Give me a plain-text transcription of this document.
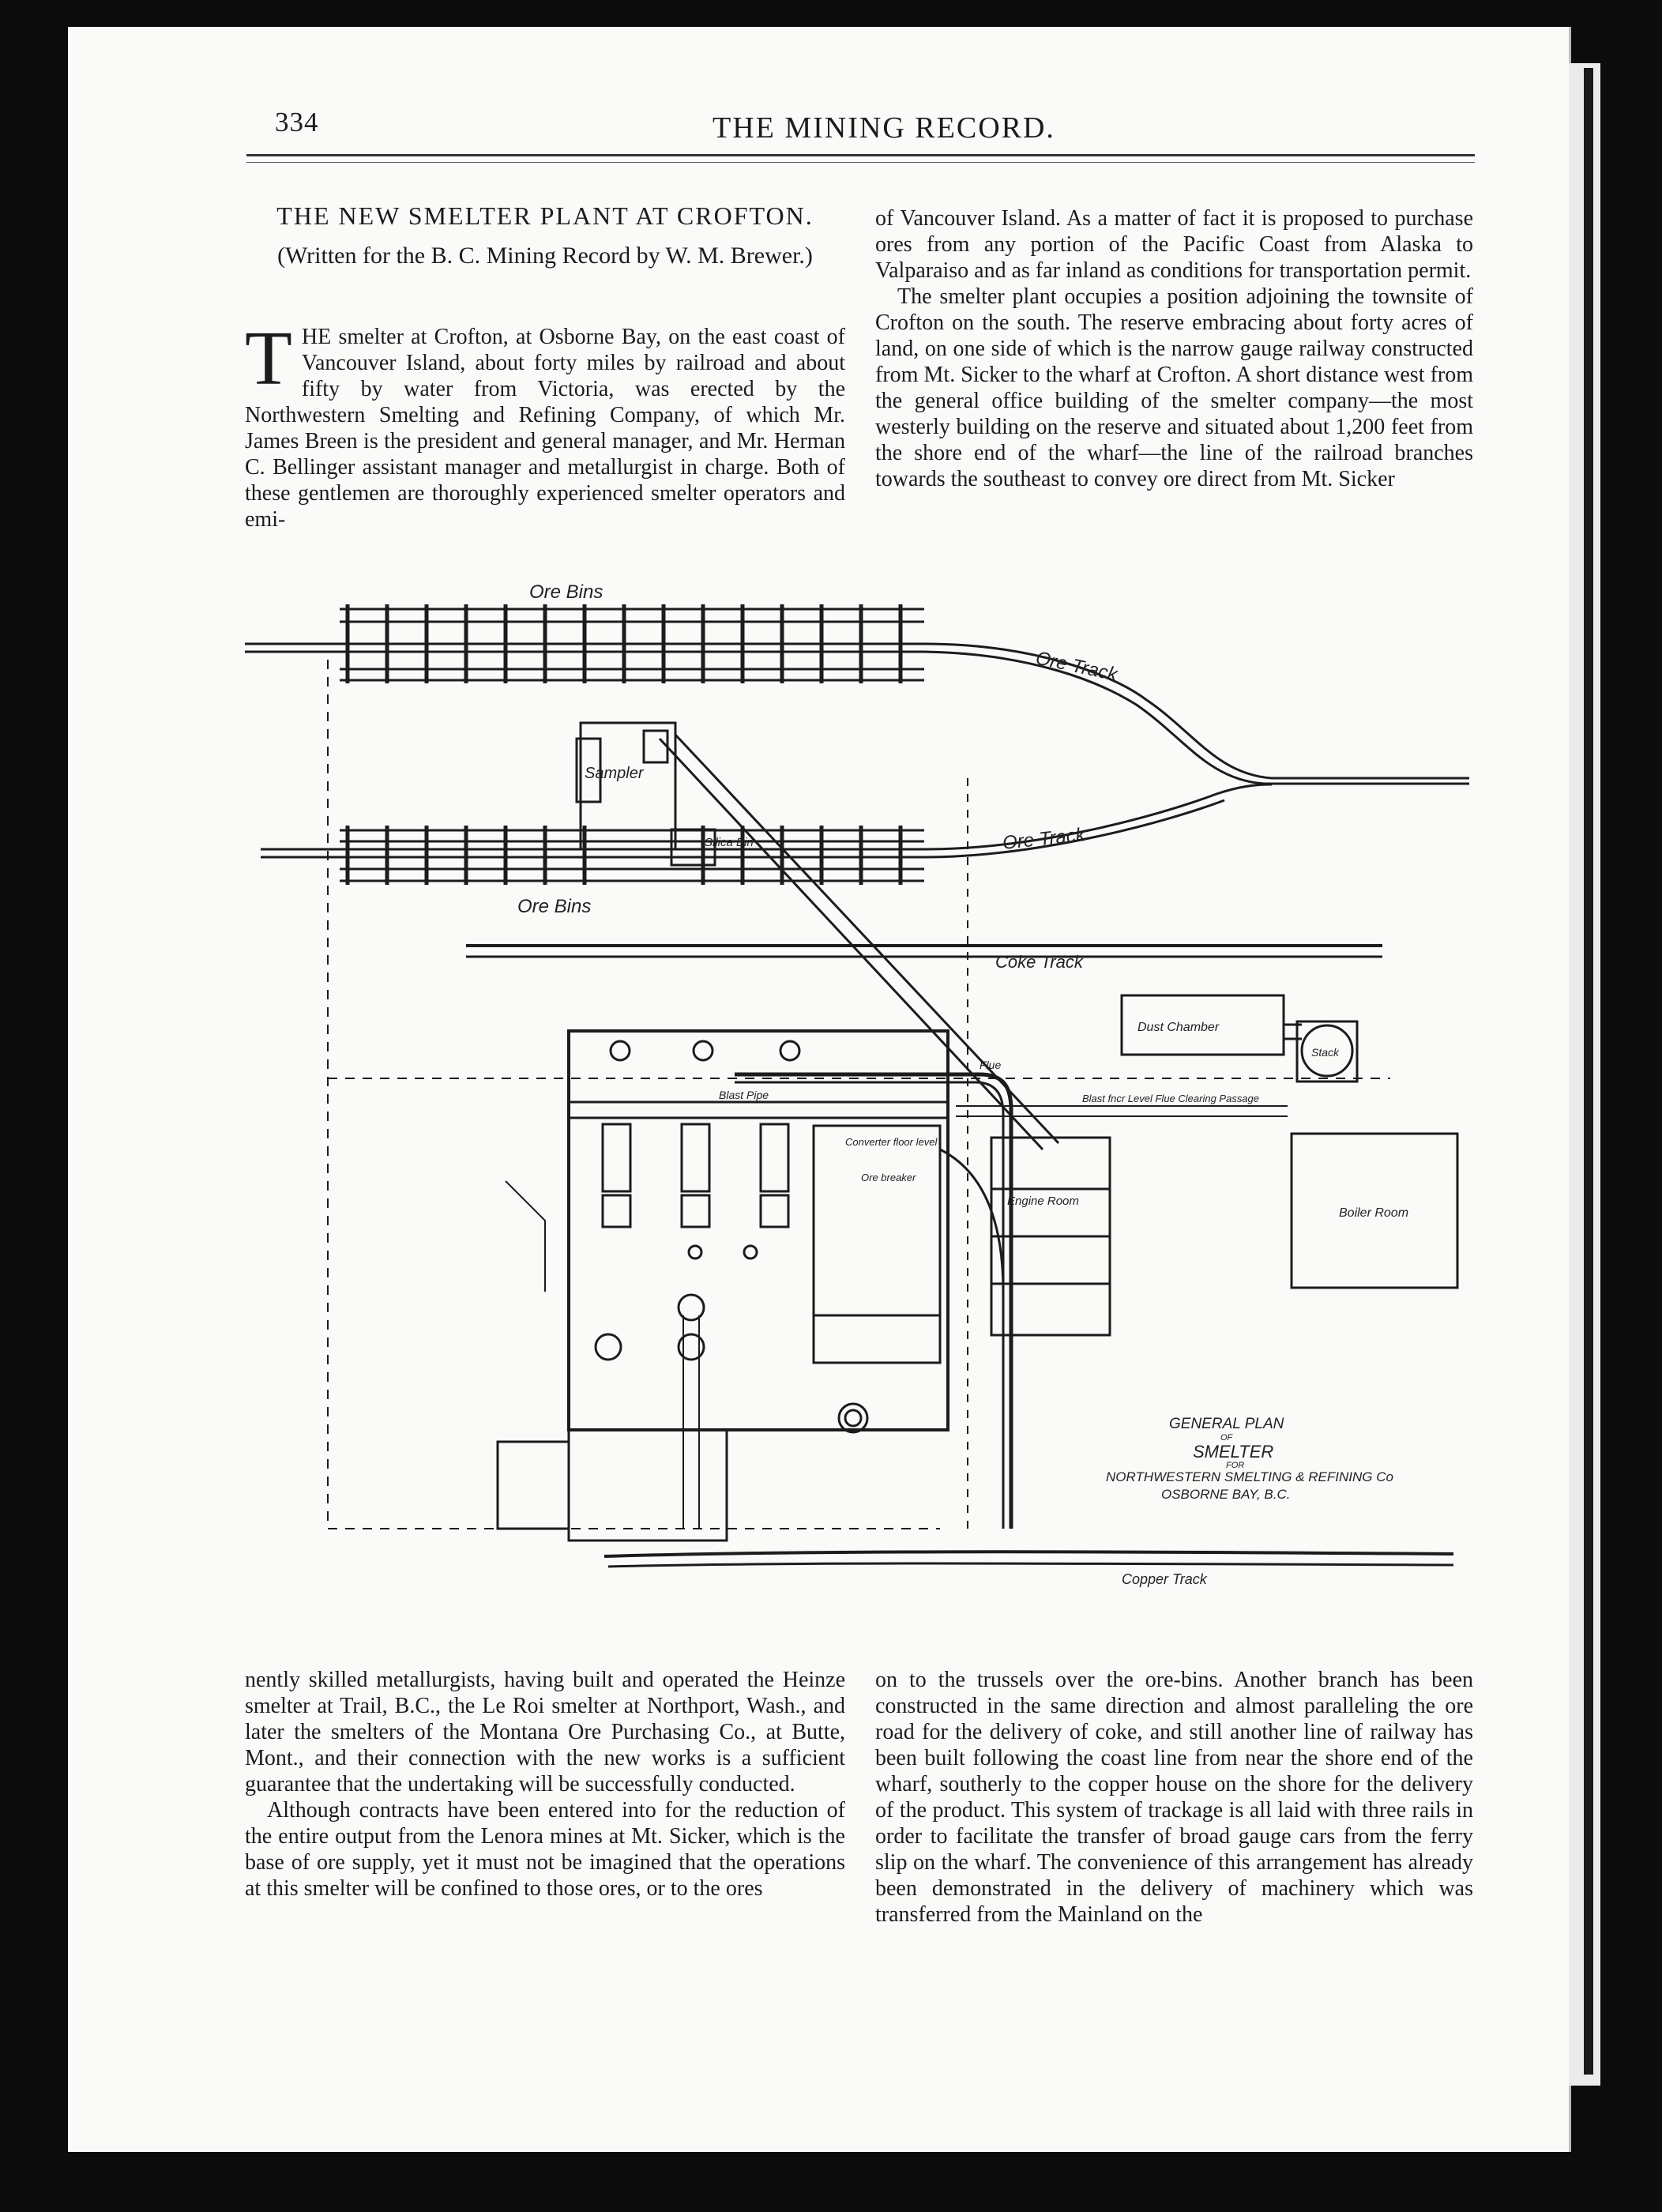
334	THE MINING RECORD.
THE NEW SMELTER PLANT AT CROFTON.
(Written for the B. C. Mining Record by W. M. Brewer.)

THE smelter at Crofton, at Osborne Bay, on the east coast of Vancouver Island, about forty miles by railroad and about fifty by water from Victoria, was erected by the Northwestern Smelting and Refining Company, of which Mr. James Breen is the president and general manager, and Mr. Herman C. Bellinger assistant manager and metallurgist in charge. Both of these gentlemen are thoroughly experienced smelter operators and emi-

of Vancouver Island. As a matter of fact it is proposed to purchase ores from any portion of the Pacific Coast from Alaska to Valparaiso and as far inland as conditions for transportation permit.

The smelter plant occupies a position adjoining the townsite of Crofton on the south. The reserve embracing about forty acres of land, on one side of which is the narrow gauge railway constructed from Mt. Sicker to the wharf at Crofton. A short distance west from the general office building of the smelter company—the most westerly building on the reserve and situated about 1,200 feet from the shore end of the wharf—the line of the railroad branches towards the southeast to convey ore direct from Mt. Sicker

Ore Bins
Ore Track
Ore Track
Ore Bins
Coke Track
Sampler
Silica Bin
Dust Chamber
Stack
Boiler Room
Engine Room
Blast Pipe
Flue
Blast fncr Level Flue Clearing Passage
Converter floor level
Ore breaker
Copper Track
GENERAL PLAN
OF
SMELTER
FOR
NORTHWESTERN SMELTING & REFINING Co
OSBORNE BAY, B.C.

nently skilled metallurgists, having built and operated the Heinze smelter at Trail, B.C., the Le Roi smelter at Northport, Wash., and later the smelters of the Montana Ore Purchasing Co., at Butte, Mont., and their connection with the new works is a sufficient guarantee that the undertaking will be successfully conducted.

Although contracts have been entered into for the reduction of the entire output from the Lenora mines at Mt. Sicker, which is the base of ore supply, yet it must not be imagined that the operations at this smelter will be confined to those ores, or to the ores

on to the trussels over the ore-bins. Another branch has been constructed in the same direction and almost paralleling the ore road for the delivery of coke, and still another line of railway has been built following the coast line from near the shore end of the wharf, southerly to the copper house on the shore for the delivery of the product. This system of trackage is all laid with three rails in order to facilitate the transfer of broad gauge cars from the ferry slip on the wharf. The convenience of this arrangement has already been demonstrated in the delivery of machinery which was transferred from the Mainland on the
